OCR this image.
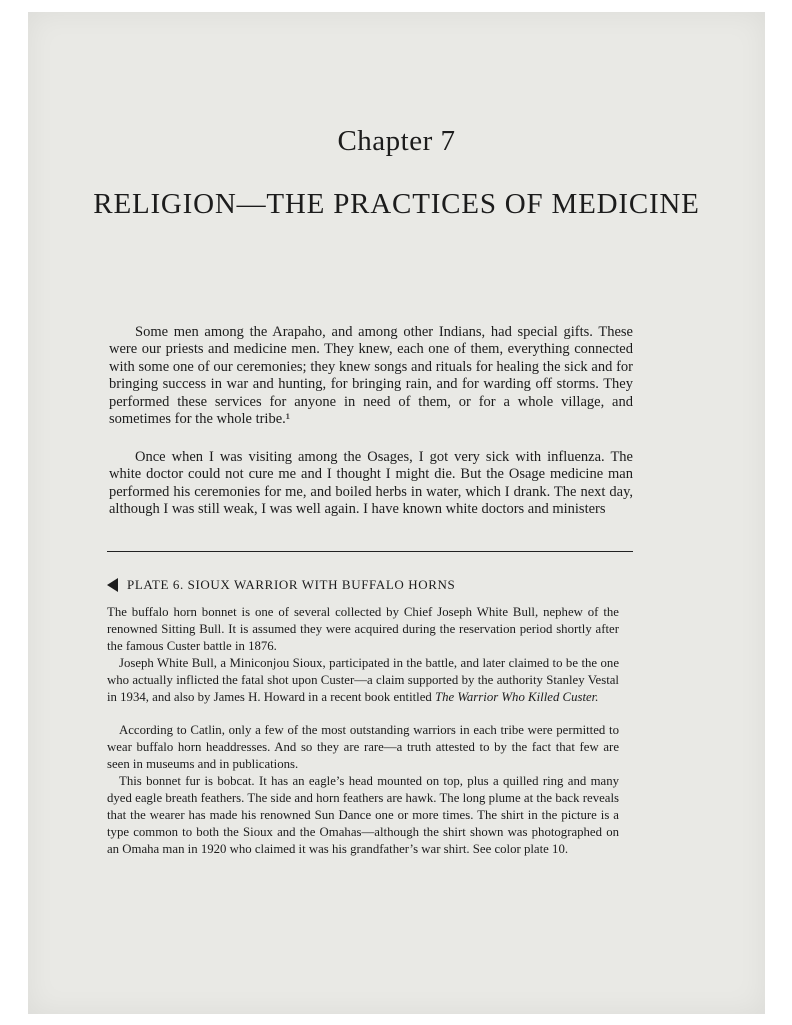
Chapter 7
RELIGION—THE PRACTICES OF MEDICINE

Some men among the Arapaho, and among other Indians, had special gifts. These were our priests and medicine men. They knew, each one of them, everything connected with some one of our ceremonies; they knew songs and rituals for healing the sick and for bringing success in war and hunting, for bringing rain, and for warding off storms. They performed these services for anyone in need of them, or for a whole village, and sometimes for the whole tribe.¹

Once when I was visiting among the Osages, I got very sick with influenza. The white doctor could not cure me and I thought I might die. But the Osage medicine man performed his ceremonies for me, and boiled herbs in water, which I drank. The next day, although I was still weak, I was well again. I have known white doctors and ministers

PLATE 6. SIOUX WARRIOR WITH BUFFALO HORNS

The buffalo horn bonnet is one of several collected by Chief Joseph White Bull, nephew of the renowned Sitting Bull. It is assumed they were acquired during the reservation period shortly after the famous Custer battle in 1876.

Joseph White Bull, a Miniconjou Sioux, participated in the battle, and later claimed to be the one who actually inflicted the fatal shot upon Custer—a claim supported by the authority Stanley Vestal in 1934, and also by James H. Howard in a recent book entitled The Warrior Who Killed Custer.

According to Catlin, only a few of the most outstanding warriors in each tribe were permitted to wear buffalo horn headdresses. And so they are rare—a truth attested to by the fact that few are seen in museums and in publications.

This bonnet fur is bobcat. It has an eagle’s head mounted on top, plus a quilled ring and many dyed eagle breath feathers. The side and horn feathers are hawk. The long plume at the back reveals that the wearer has made his renowned Sun Dance one or more times. The shirt in the picture is a type common to both the Sioux and the Omahas—although the shirt shown was photographed on an Omaha man in 1920 who claimed it was his grandfather’s war shirt. See color plate 10.
